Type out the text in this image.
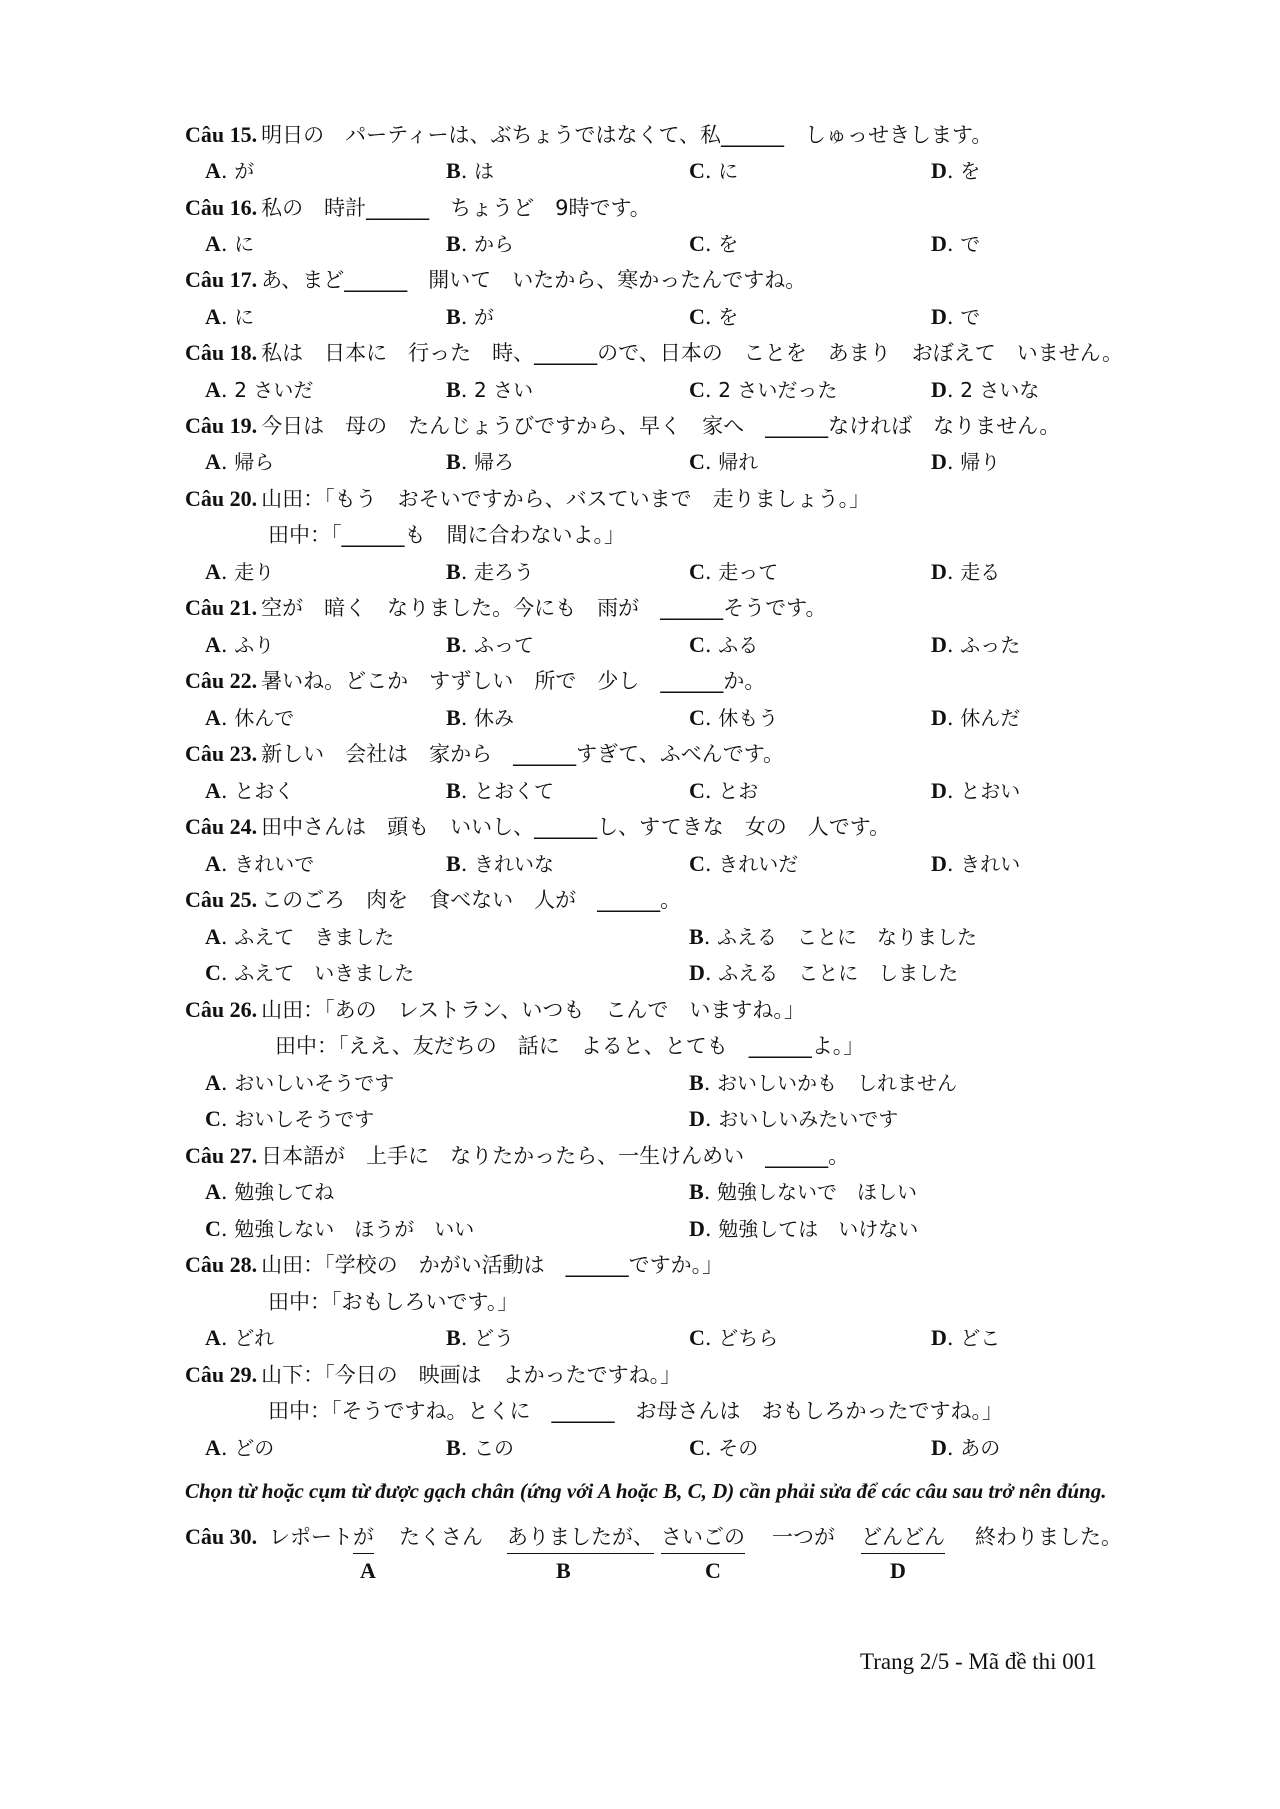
Câu 15. 明日の　パーティーは、ぶちょうではなくて、私______　しゅっせきします。
A. が	B. は	C. に	D. を
Câu 16. 私の　時計______　ちょうど　9時です。
A. に	B. から	C. を	D. で
Câu 17. あ、まど______　開いて　いたから、寒かったんですね。
A. に	B. が	C. を	D. で
Câu 18. 私は　日本に　行った　時、______ので、日本の　ことを　あまり　おぼえて　いません。
A. 2 さいだ	B. 2 さい	C. 2 さいだった	D. 2 さいな
Câu 19. 今日は　母の　たんじょうびですから、早く　家へ　______なければ　なりません。
A. 帰ら	B. 帰ろ	C. 帰れ	D. 帰り
Câu 20. 山田：「もう　おそいですから、バスていまで　走りましょう。」
田中：「______も　間に合わないよ。」
A. 走り	B. 走ろう	C. 走って	D. 走る
Câu 21. 空が　暗く　なりました。今にも　雨が　______そうです。
A. ふり	B. ふって	C. ふる	D. ふった
Câu 22. 暑いね。どこか　すずしい　所で　少し　______か。
A. 休んで	B. 休み	C. 休もう	D. 休んだ
Câu 23. 新しい　会社は　家から　______すぎて、ふべんです。
A. とおく	B. とおくて	C. とお	D. とおい
Câu 24. 田中さんは　頭も　いいし、______し、すてきな　女の　人です。
A. きれいで	B. きれいな	C. きれいだ	D. きれい
Câu 25. このごろ　肉を　食べない　人が　______。
A. ふえて　きました	B. ふえる　ことに　なりました
C. ふえて　いきました	D. ふえる　ことに　しました
Câu 26. 山田：「あの　レストラン、いつも　こんで　いますね。」
田中：「ええ、友だちの　話に　よると、とても　______よ。」
A. おいしいそうです	B. おいしいかも　しれません
C. おいしそうです	D. おいしいみたいです
Câu 27. 日本語が　上手に　なりたかったら、一生けんめい　______。
A. 勉強してね	B. 勉強しないで　ほしい
C. 勉強しない　ほうが　いい	D. 勉強しては　いけない
Câu 28. 山田：「学校の　かがい活動は　______ですか。」
田中：「おもしろいです。」
A. どれ	B. どう	C. どちら	D. どこ
Câu 29. 山下：「今日の　映画は　よかったですね。」
田中：「そうですね。とくに　______　お母さんは　おもしろかったですね。」
A. どの	B. この	C. その	D. あの
Chọn từ hoặc cụm từ được gạch chân (ứng với A hoặc B, C, D) cần phải sửa để các câu sau trở nên đúng.
Câu 30. レポート が たくさん ありましたが、 さいごの 一つが どんどん 終わりました。
A	B	C	D
Trang 2/5 - Mã đề thi 001
